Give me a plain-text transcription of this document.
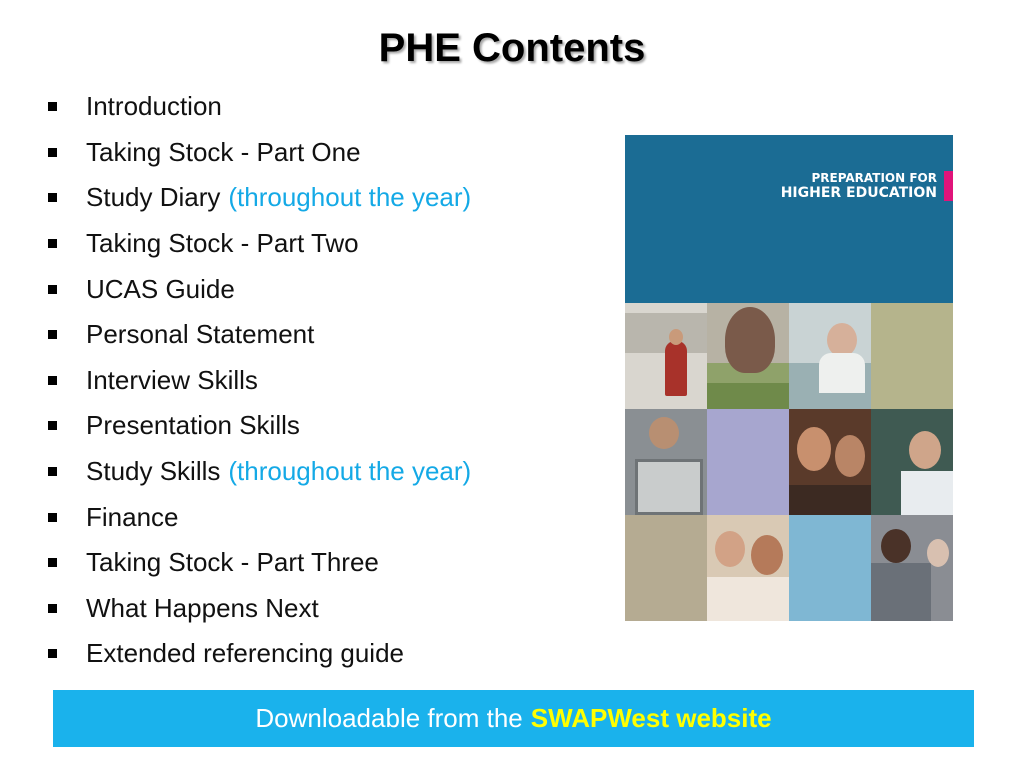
PHE Contents
Introduction
Taking Stock - Part One
Study Diary (throughout the year)
Taking Stock - Part Two
UCAS Guide
Personal Statement
Interview Skills
Presentation Skills
Study Skills (throughout the year)
Finance
Taking Stock - Part Three
What Happens Next
Extended referencing guide
PREPARATION FOR
HIGHER EDUCATION
Downloadable from the SWAPWest website
